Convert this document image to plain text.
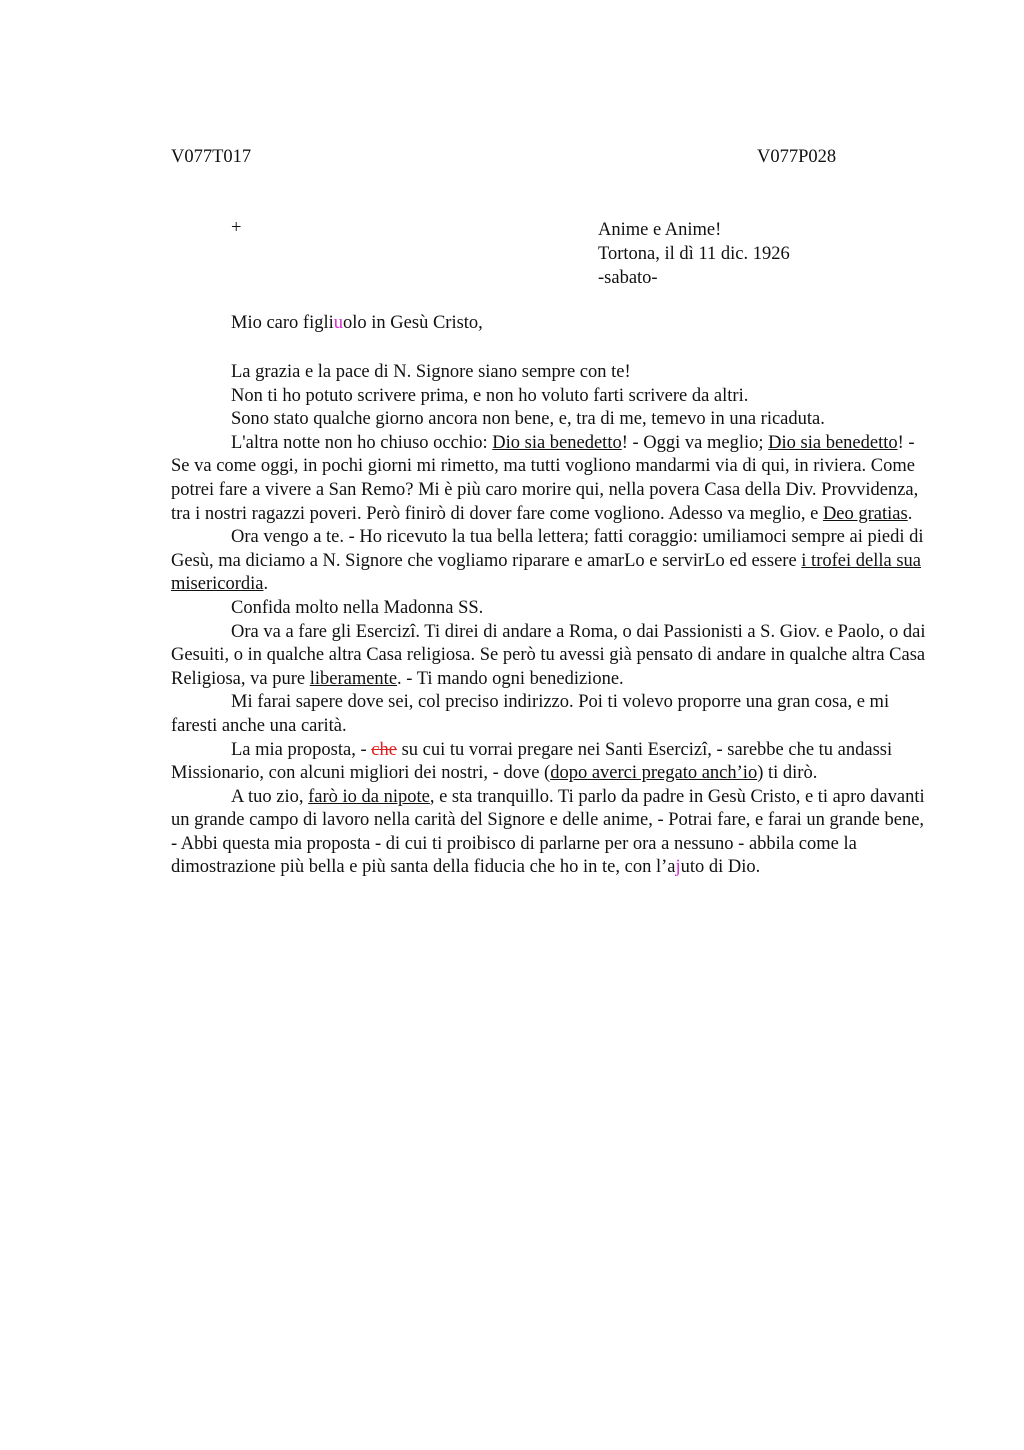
V077T017	V077P028
+	Anime e Anime!
Tortona, il dì 11 dic. 1926
-sabato-
Mio caro figliuolo in Gesù Cristo,

La grazia e la pace di N. Signore siano sempre con te!

Non ti ho potuto scrivere prima, e non ho voluto farti scrivere da altri.

Sono stato qualche giorno ancora non bene, e, tra di me, temevo in una ricaduta.

L'altra notte non ho chiuso occhio: Dio sia benedetto! - Oggi va meglio; Dio sia benedetto! - Se va come oggi, in pochi giorni mi rimetto, ma tutti vogliono mandarmi via di qui, in riviera. Come potrei fare a vivere a San Remo? Mi è più caro morire qui, nella povera Casa della Div. Provvidenza, tra i nostri ragazzi poveri. Però finirò di dover fare come vogliono. Adesso va meglio, e Deo gratias.

Ora vengo a te. - Ho ricevuto la tua bella lettera; fatti coraggio: umiliamoci sempre ai piedi di Gesù, ma diciamo a N. Signore che vogliamo riparare e amarLo e servirLo ed essere i trofei della sua misericordia.

Confida molto nella Madonna SS.

Ora va a fare gli Esercizî. Ti direi di andare a Roma, o dai Passionisti a S. Giov. e Paolo, o dai Gesuiti, o in qualche altra Casa religiosa. Se però tu avessi già pensato di andare in qualche altra Casa Religiosa, va pure liberamente. - Ti mando ogni benedizione.

Mi farai sapere dove sei, col preciso indirizzo. Poi ti volevo proporre una gran cosa, e mi faresti anche una carità.

La mia proposta, - che su cui tu vorrai pregare nei Santi Esercizî, - sarebbe che tu andassi Missionario, con alcuni migliori dei nostri, - dove (dopo averci pregato anch’io) ti dirò.

A tuo zio, farò io da nipote, e sta tranquillo. Ti parlo da padre in Gesù Cristo, e ti apro davanti un grande campo di lavoro nella carità del Signore e delle anime, - Potrai fare, e farai un grande bene, - Abbi questa mia proposta - di cui ti proibisco di parlarne per ora a nessuno - abbila come la dimostrazione più bella e più santa della fiducia che ho in te, con l’ajuto di Dio.
